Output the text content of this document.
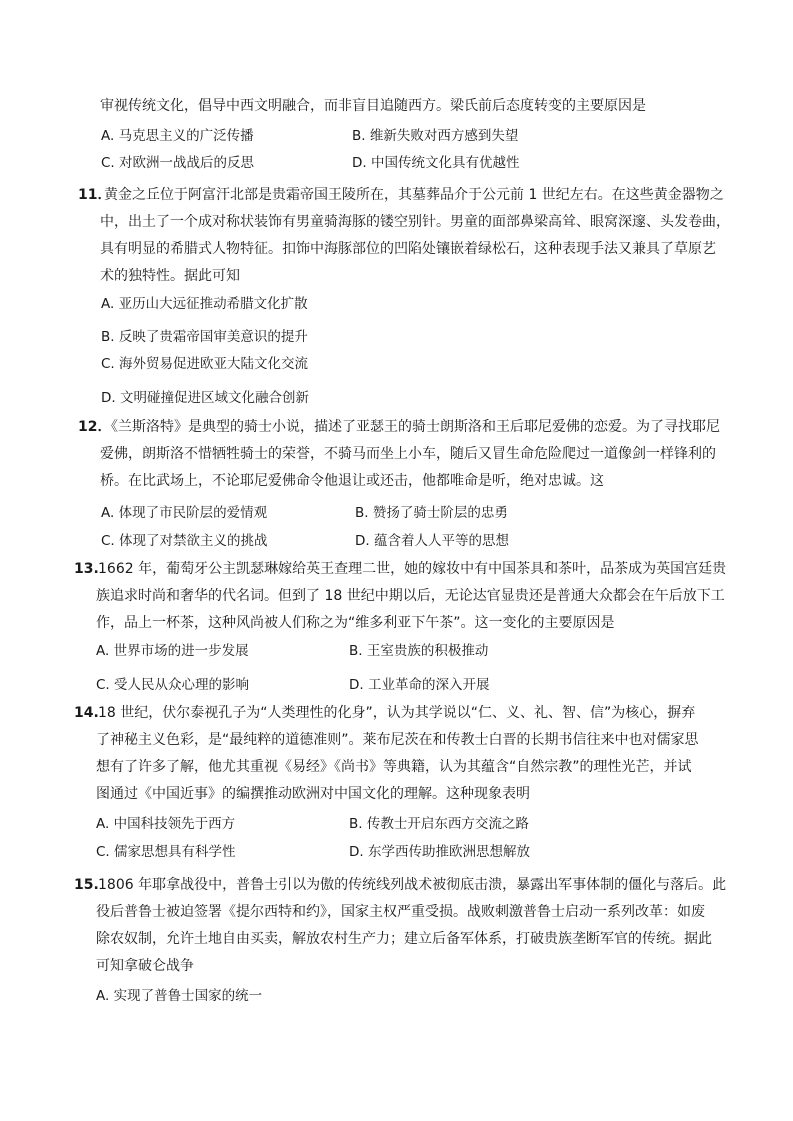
审视传统文化，倡导中西文明融合，而非盲目追随西方。梁氏前后态度转变的主要原因是
A. 马克思主义的广泛传播	B. 维新失败对西方感到失望
C. 对欧洲一战战后的反思	D. 中国传统文化具有优越性
11．
黄金之丘位于阿富汗北部是贵霜帝国王陵所在，其墓葬品介于公元前 1 世纪左右。在这些黄金器物之
中，出土了一个成对称状装饰有男童骑海豚的镂空别针。男童的面部鼻梁高耸、眼窝深邃、头发卷曲，
具有明显的希腊式人物特征。扣饰中海豚部位的凹陷处镶嵌着绿松石，这种表现手法又兼具了草原艺
术的独特性。据此可知
A. 亚历山大远征推动希腊文化扩散
B. 反映了贵霜帝国审美意识的提升
C. 海外贸易促进欧亚大陆文化交流
D. 文明碰撞促进区域文化融合创新
12．
《兰斯洛特》是典型的骑士小说，描述了亚瑟王的骑士朗斯洛和王后耶尼爱佛的恋爱。为了寻找耶尼
爱佛，朗斯洛不惜牺牲骑士的荣誉，不骑马而坐上小车，随后又冒生命危险爬过一道像剑一样锋利的
桥。在比武场上，不论耶尼爱佛命令他退让或还击，他都唯命是听，绝对忠诚。这
A. 体现了市民阶层的爱情观	B. 赞扬了骑士阶层的忠勇
C. 体现了对禁欲主义的挑战	D. 蕴含着人人平等的思想
13. 1662 年，葡萄牙公主凯瑟琳嫁给英王查理二世，她的嫁妆中有中国茶具和茶叶，品茶成为英国宫廷贵
族追求时尚和奢华的代名词。但到了 18 世纪中期以后，无论达官显贵还是普通大众都会在午后放下工
作，品上一杯茶，这种风尚被人们称之为“维多利亚下午茶”。这一变化的主要原因是
A. 世界市场的进一步发展	B. 王室贵族的积极推动
C. 受人民从众心理的影响	D. 工业革命的深入开展
14. 18 世纪，伏尔泰视孔子为“人类理性的化身”，认为其学说以“仁、义、礼、智、信”为核心，摒弃
了神秘主义色彩，是“最纯粹的道德准则”。莱布尼茨在和传教士白晋的长期书信往来中也对儒家思
想有了许多了解，他尤其重视《易经》《尚书》等典籍，认为其蕴含“自然宗教”的理性光芒，并试
图通过《中国近事》的编撰推动欧洲对中国文化的理解。这种现象表明
A. 中国科技领先于西方	B. 传教士开启东西方交流之路
C. 儒家思想具有科学性	D. 东学西传助推欧洲思想解放
15. 1806 年耶拿战役中，普鲁士引以为傲的传统线列战术被彻底击溃，暴露出军事体制的僵化与落后。此
役后普鲁士被迫签署《提尔西特和约》，国家主权严重受损。战败刺激普鲁士启动一系列改革：如废
除农奴制，允许土地自由买卖，解放农村生产力；建立后备军体系，打破贵族垄断军官的传统。据此
可知拿破仑战争
A. 实现了普鲁士国家的统一
